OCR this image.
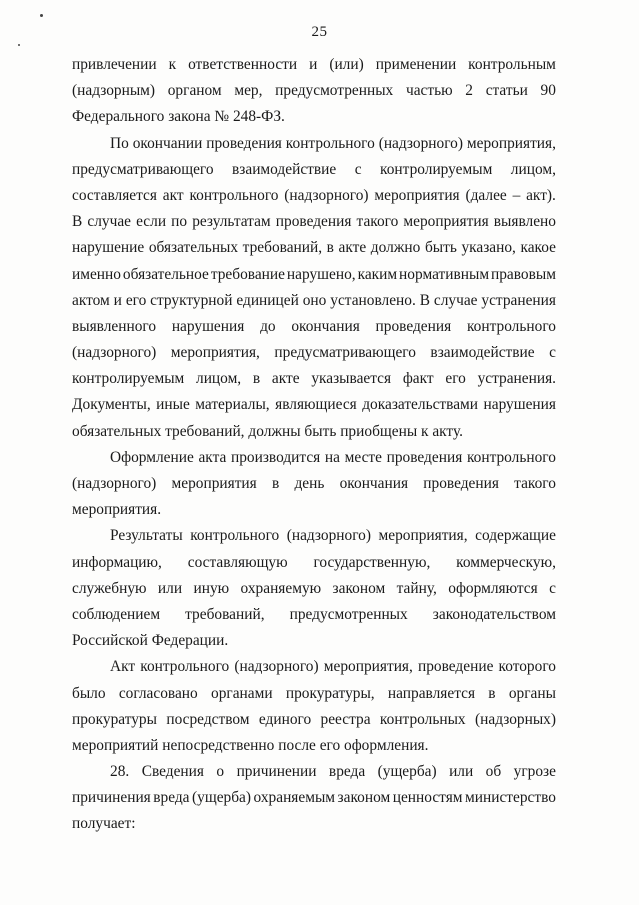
25
привлечении к ответственности и (или) применении контрольным
(надзорным) органом мер, предусмотренных частью 2 статьи 90
Федерального закона № 248-ФЗ.
По окончании проведения контрольного (надзорного) мероприятия,
предусматривающего взаимодействие с контролируемым лицом,
составляется акт контрольного (надзорного) мероприятия (далее – акт).
В случае если по результатам проведения такого мероприятия выявлено
нарушение обязательных требований, в акте должно быть указано, какое
именно обязательное требование нарушено, каким нормативным правовым
актом и его структурной единицей оно установлено. В случае устранения
выявленного нарушения до окончания проведения контрольного
(надзорного) мероприятия, предусматривающего взаимодействие с
контролируемым лицом, в акте указывается факт его устранения.
Документы, иные материалы, являющиеся доказательствами нарушения
обязательных требований, должны быть приобщены к акту.
Оформление акта производится на месте проведения контрольного
(надзорного) мероприятия в день окончания проведения такого
мероприятия.
Результаты контрольного (надзорного) мероприятия, содержащие
информацию, составляющую государственную, коммерческую,
служебную или иную охраняемую законом тайну, оформляются с
соблюдением требований, предусмотренных законодательством
Российской Федерации.
Акт контрольного (надзорного) мероприятия, проведение которого
было согласовано органами прокуратуры, направляется в органы
прокуратуры посредством единого реестра контрольных (надзорных)
мероприятий непосредственно после его оформления.
28. Сведения о причинении вреда (ущерба) или об угрозе
причинения вреда (ущерба) охраняемым законом ценностям министерство
получает:
